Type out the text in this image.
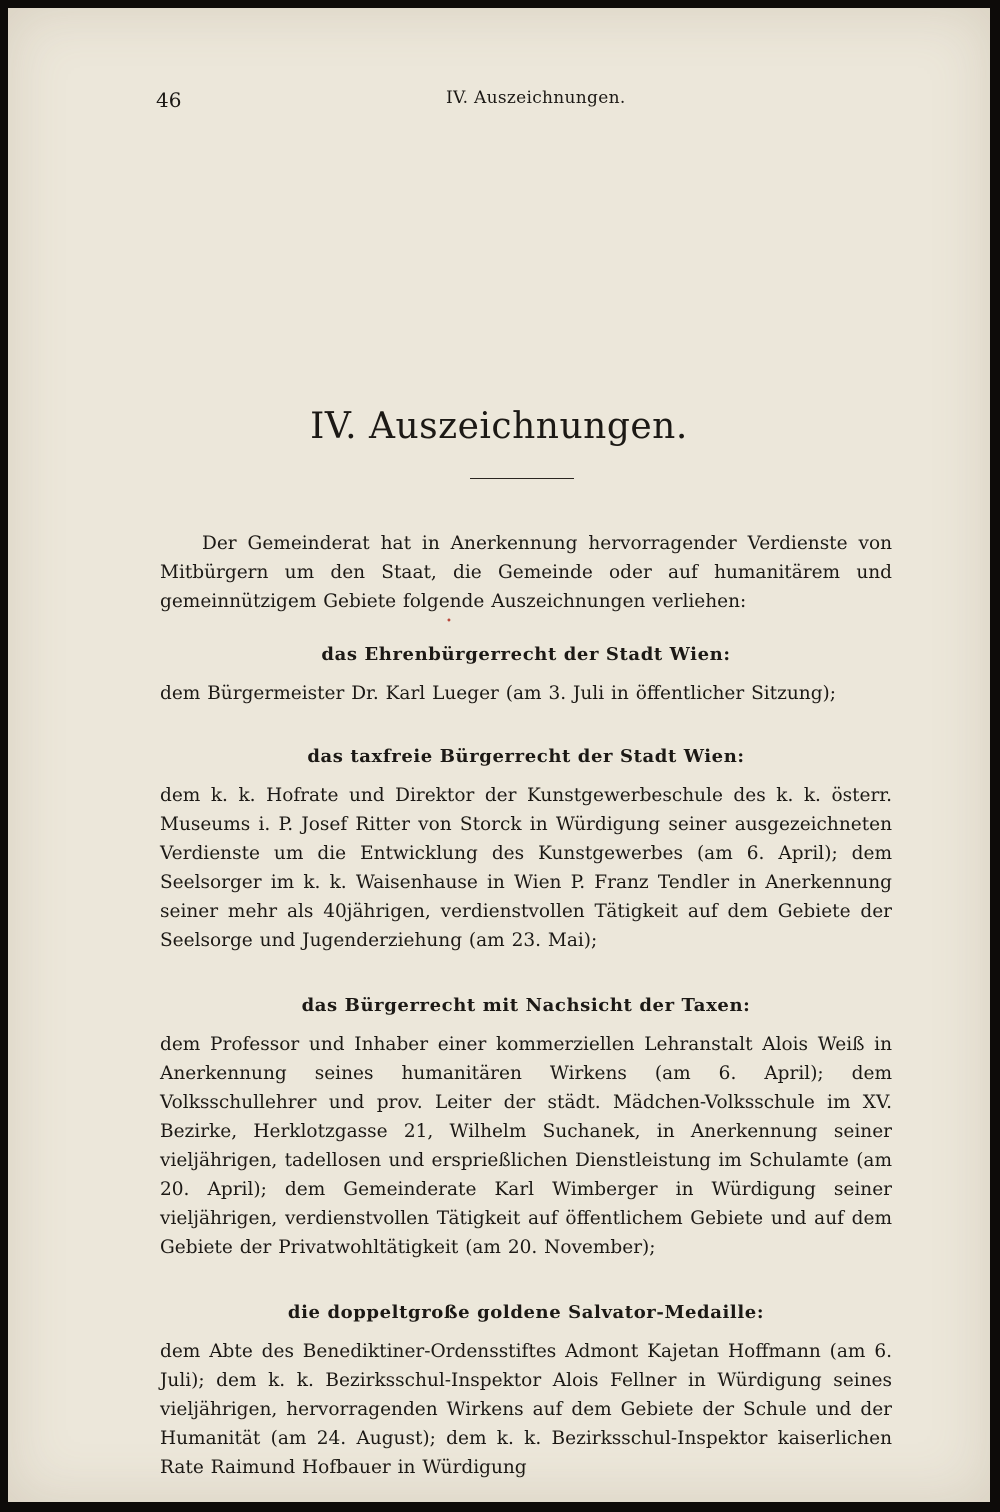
46	IV. Auszeichnungen.
IV. Auszeichnungen.
•

Der Gemeinderat hat in Anerkennung hervorragender Verdienste von Mitbürgern um den Staat, die Gemeinde oder auf humanitärem und gemeinnützigem Gebiete folgende Auszeichnungen verliehen:

das Ehrenbürgerrecht der Stadt Wien:

dem Bürgermeister Dr. Karl Lueger (am 3. Juli in öffentlicher Sitzung);

das taxfreie Bürgerrecht der Stadt Wien:

dem k. k. Hofrate und Direktor der Kunstgewerbeschule des k. k. österr. Museums i. P. Josef Ritter von Storck in Würdigung seiner ausgezeichneten Verdienste um die Entwicklung des Kunstgewerbes (am 6. April); dem Seelsorger im k. k. Waisenhause in Wien P. Franz Tendler in Anerkennung seiner mehr als 40jährigen, verdienstvollen Tätigkeit auf dem Gebiete der Seelsorge und Jugenderziehung (am 23. Mai);

das Bürgerrecht mit Nachsicht der Taxen:

dem Professor und Inhaber einer kommerziellen Lehranstalt Alois Weiß in Anerkennung seines humanitären Wirkens (am 6. April); dem Volksschullehrer und prov. Leiter der städt. Mädchen-Volksschule im XV. Bezirke, Herklotzgasse 21, Wilhelm Suchanek, in Anerkennung seiner vieljährigen, tadellosen und ersprießlichen Dienstleistung im Schulamte (am 20. April); dem Gemeinderate Karl Wimberger in Würdigung seiner vieljährigen, verdienstvollen Tätigkeit auf öffentlichem Gebiete und auf dem Gebiete der Privatwohltätigkeit (am 20. November);

die doppeltgroße goldene Salvator-Medaille:

dem Abte des Benediktiner-Ordensstiftes Admont Kajetan Hoffmann (am 6. Juli); dem k. k. Bezirksschul-Inspektor Alois Fellner in Würdigung seines vieljährigen, hervorragenden Wirkens auf dem Gebiete der Schule und der Humanität (am 24. August); dem k. k. Bezirksschul-Inspektor kaiserlichen Rate Raimund Hofbauer in Würdigung
